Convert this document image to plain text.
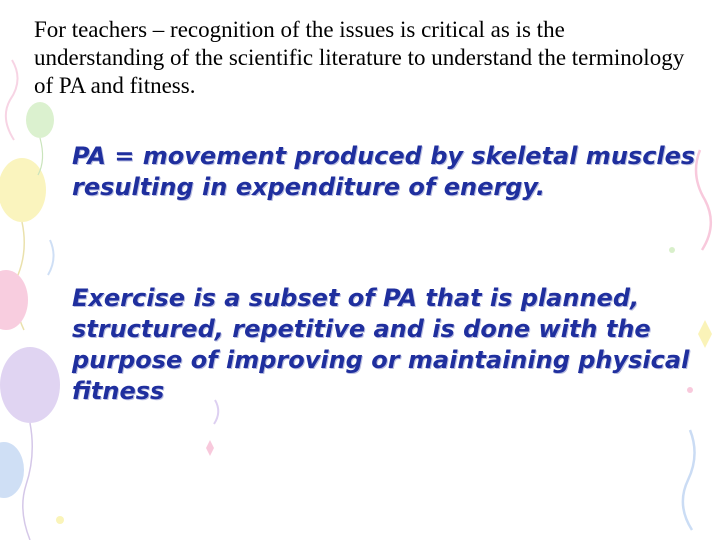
For teachers – recognition of the issues is critical as is the understanding of the scientific literature to understand the terminology of PA and fitness.

PA = movement produced by skeletal muscles resulting in expenditure of energy.

Exercise is a subset of PA that is planned, structured, repetitive and is done with the purpose of improving or maintaining physical fitness
